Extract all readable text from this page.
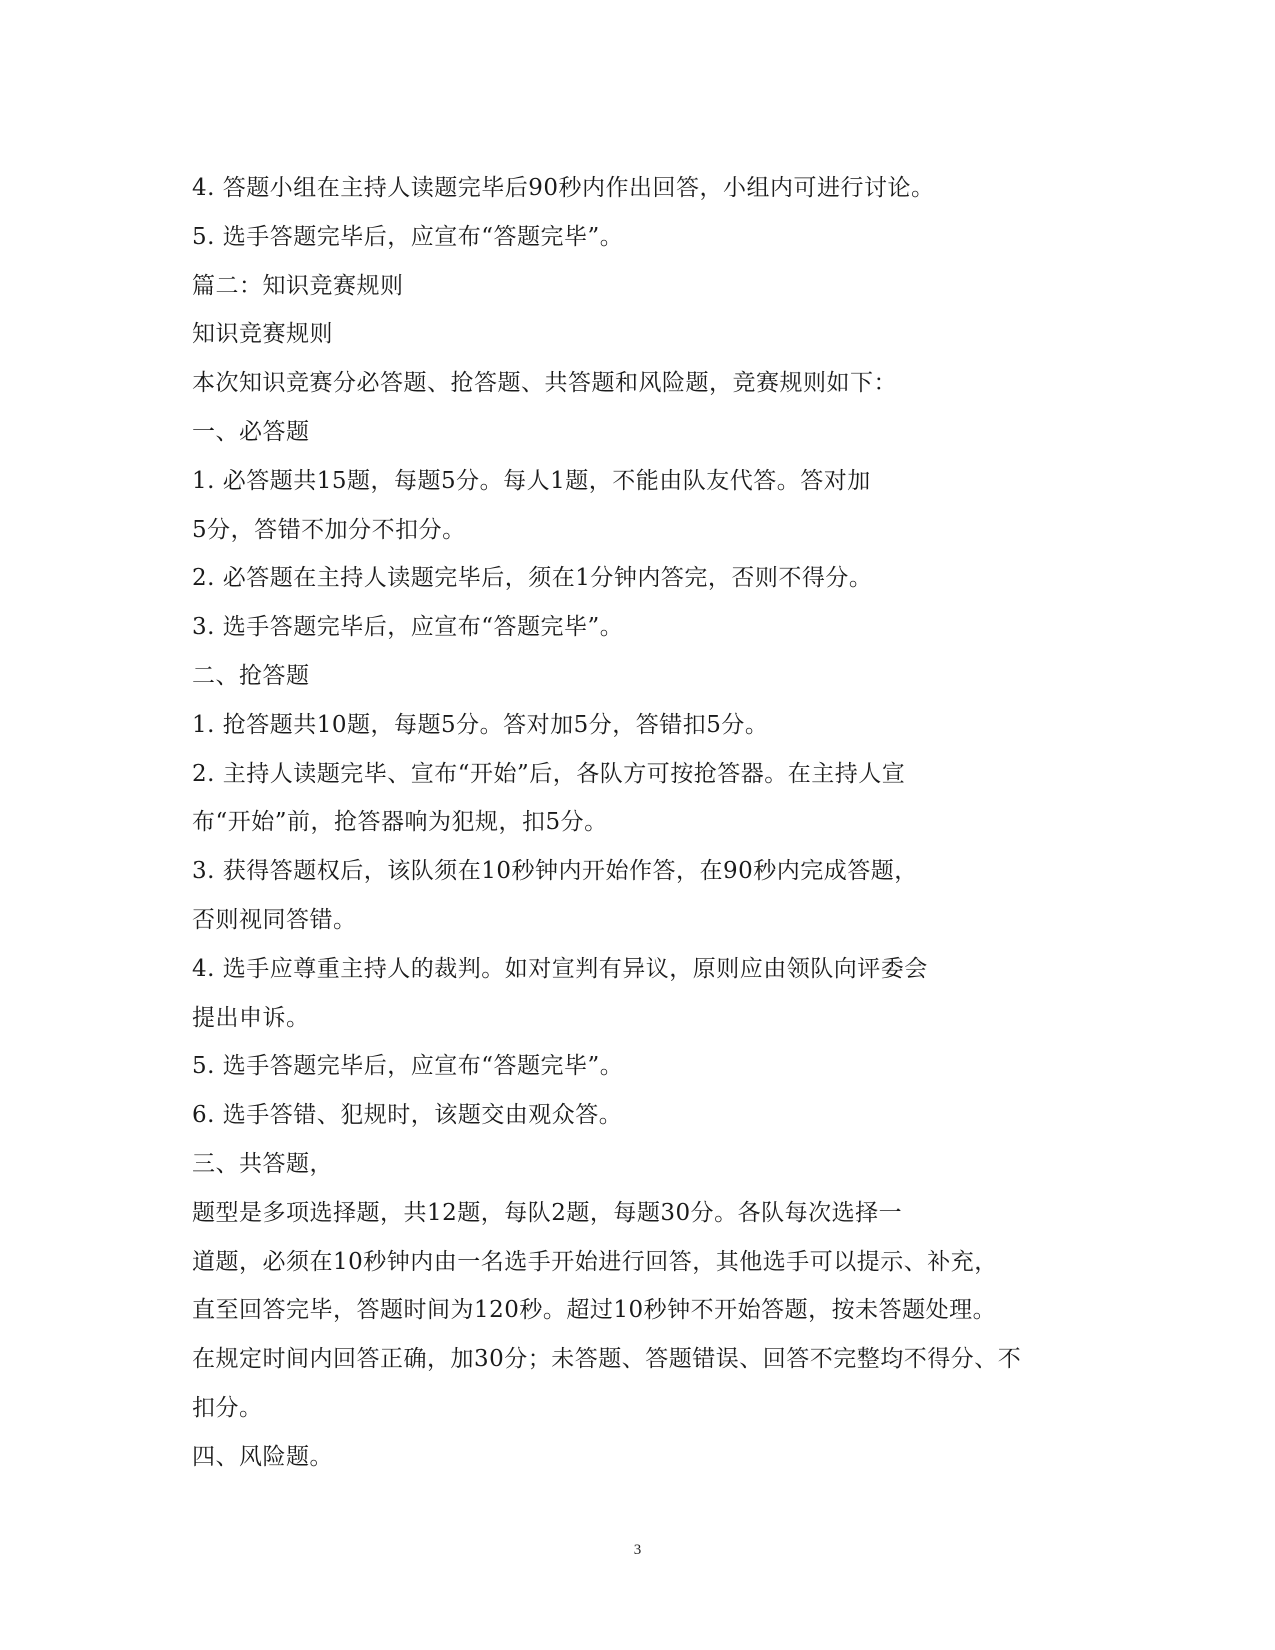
4. 答题小组在主持人读题完毕后90秒内作出回答，小组内可进行讨论。
5. 选手答题完毕后，应宣布“答题完毕”。
篇二：知识竞赛规则
知识竞赛规则
本次知识竞赛分必答题、抢答题、共答题和风险题，竞赛规则如下：
一、必答题
1. 必答题共15题，每题5分。每人1题，不能由队友代答。答对加
5分，答错不加分不扣分。
2. 必答题在主持人读题完毕后，须在1分钟内答完，否则不得分。
3. 选手答题完毕后，应宣布“答题完毕”。
二、抢答题
1. 抢答题共10题，每题5分。答对加5分，答错扣5分。
2. 主持人读题完毕、宣布“开始”后，各队方可按抢答器。在主持人宣
布“开始”前，抢答器响为犯规，扣5分。
3. 获得答题权后，该队须在10秒钟内开始作答，在90秒内完成答题，
否则视同答错。
4. 选手应尊重主持人的裁判。如对宣判有异议，原则应由领队向评委会
提出申诉。
5. 选手答题完毕后，应宣布“答题完毕”。
6. 选手答错、犯规时，该题交由观众答。
三、共答题，
题型是多项选择题，共12题，每队2题，每题30分。各队每次选择一
道题，必须在10秒钟内由一名选手开始进行回答，其他选手可以提示、补充，
直至回答完毕，答题时间为120秒。超过10秒钟不开始答题，按未答题处理。
在规定时间内回答正确，加30分；未答题、答题错误、回答不完整均不得分、不
扣分。
四、风险题。
3
